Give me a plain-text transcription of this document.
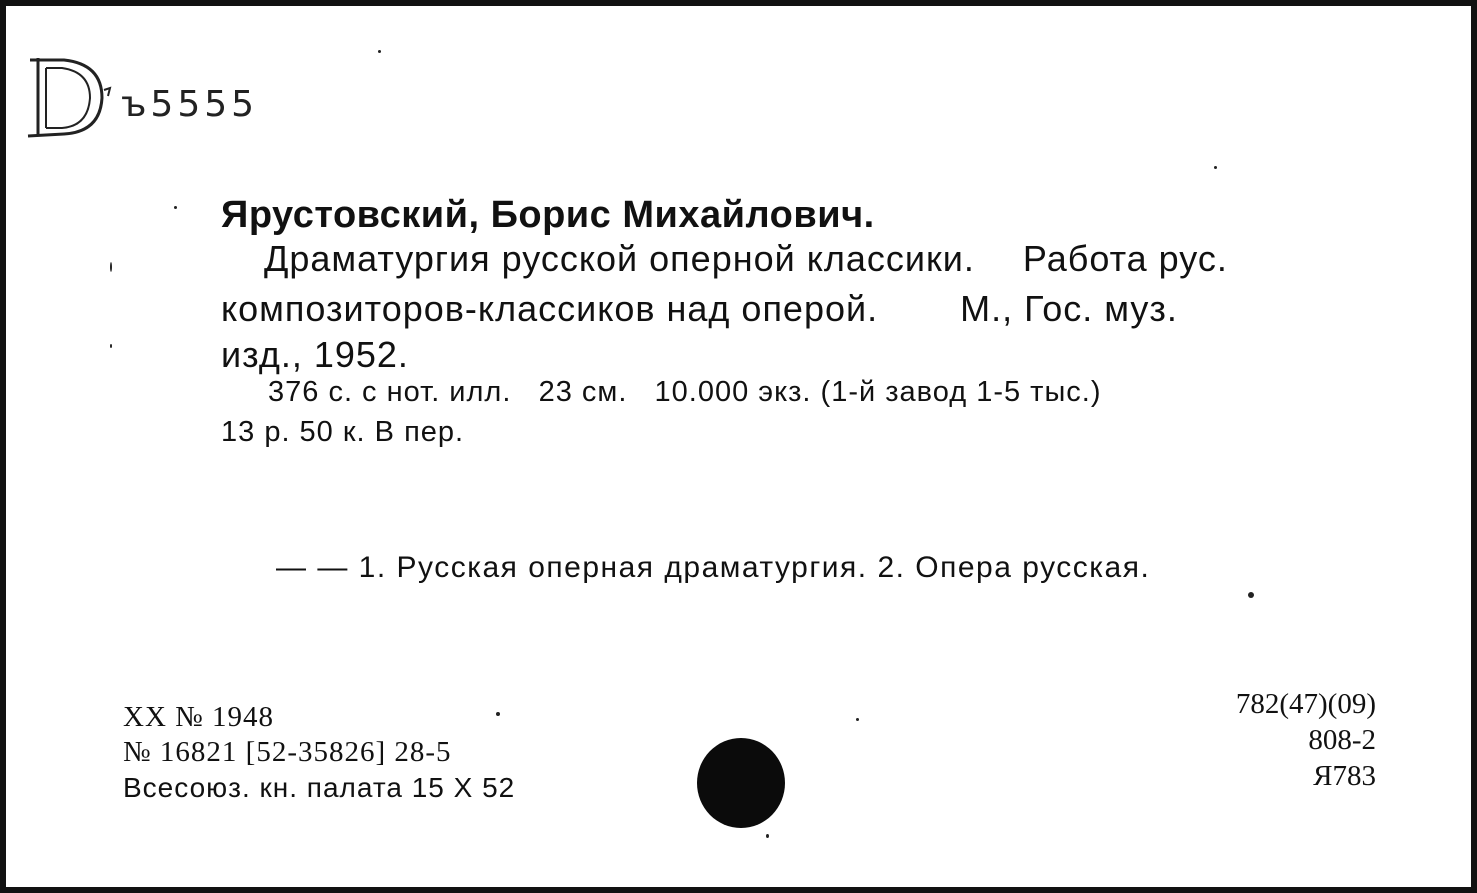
ъ5555
Ярустовский, Борис Михайлович.
Драматургия русской оперной классики. Работа рус.
композиторов-классиков над оперой. М., Гос. муз.
изд., 1952.
376 с. с нот. илл.   23 см.   10.000 экз. (1-й завод 1-5 тыс.)
13 р. 50 к. В пер.
— — 1. Русская оперная драматургия. 2. Опера русская.
XX № 1948
№ 16821 [52-35826] 28-5
Всесоюз. кн. палата 15 X 52
782(47)(09)
808-2
Я783
